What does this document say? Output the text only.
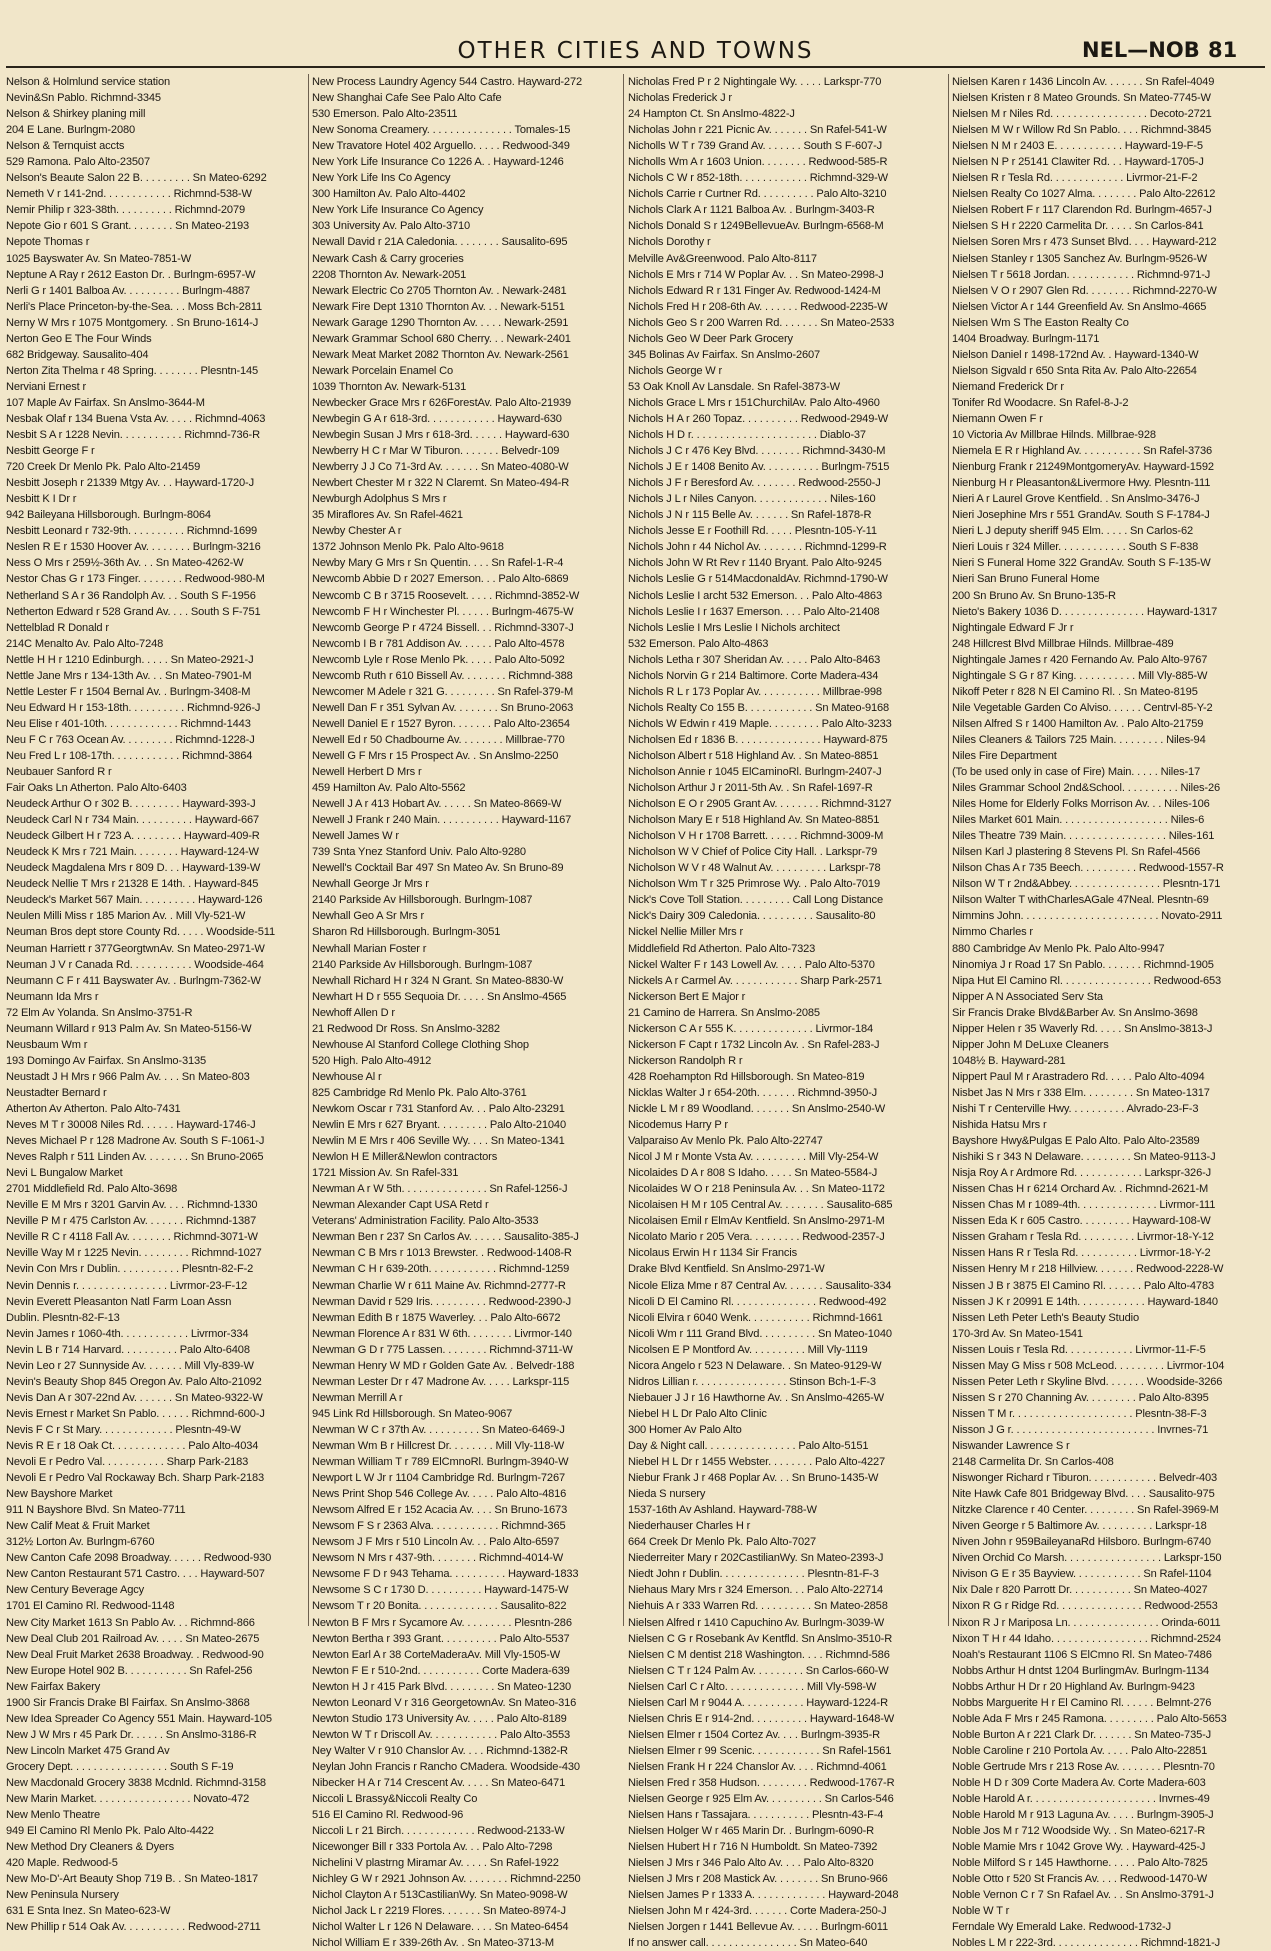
OTHER CITIES AND TOWNS	NEL—NOB 81
Nelson & Holmlund service station
Nevin&Sn Pablo. Richmnd-3345
Nelson & Shirkey planing mill
204 E Lane. Burlngm-2080
Nelson & Ternquist accts
529 Ramona. Palo Alto-23507
Nelson's Beaute Salon 22 B. . . . . . . . . Sn Mateo-6292
Nemeth V r 141-2nd. . . . . . . . . . . . Richmnd-538-W
Nemir Philip r 323-38th. . . . . . . . . . Richmnd-2079
Nepote Gio r 601 S Grant. . . . . . . . Sn Mateo-2193
Nepote Thomas r
1025 Bayswater Av. Sn Mateo-7851-W
Neptune A Ray r 2612 Easton Dr. . Burlngm-6957-W
Nerli G r 1401 Balboa Av. . . . . . . . . . Burlngm-4887
Nerli's Place Princeton-by-the-Sea. . . Moss Bch-2811
Nerny W Mrs r 1075 Montgomery. . Sn Bruno-1614-J
Nerton Geo E The Four Winds
682 Bridgeway. Sausalito-404
Nerton Zita Thelma r 48 Spring. . . . . . . . Plesntn-145
Nerviani Ernest r
107 Maple Av Fairfax. Sn Anslmo-3644-M
Nesbak Olaf r 134 Buena Vsta Av. . . . . Richmnd-4063
Nesbit S A r 1228 Nevin. . . . . . . . . . . Richmnd-736-R
Nesbitt George F r
720 Creek Dr Menlo Pk. Palo Alto-21459
Nesbitt Joseph r 21339 Mtgy Av. . . Hayward-1720-J
Nesbitt K I Dr r
942 Baileyana Hillsborough. Burlngm-8064
Nesbitt Leonard r 732-9th. . . . . . . . . . Richmnd-1699
Neslen R E r 1530 Hoover Av. . . . . . . . Burlngm-3216
Ness O Mrs r 259½-36th Av. . . Sn Mateo-4262-W
Nestor Chas G r 173 Finger. . . . . . . . Redwood-980-M
Netherland S A r 36 Randolph Av. . . South S F-1956
Netherton Edward r 528 Grand Av. . . . South S F-751
Nettelblad R Donald r
214C Menalto Av. Palo Alto-7248
Nettle H H r 1210 Edinburgh. . . . . Sn Mateo-2921-J
Nettle Jane Mrs r 134-13th Av. . . Sn Mateo-7901-M
Nettle Lester F r 1504 Bernal Av. . Burlngm-3408-M
Neu Edward H r 153-18th. . . . . . . . . . Richmnd-926-J
Neu Elise r 401-10th. . . . . . . . . . . . . Richmnd-1443
Neu F C r 763 Ocean Av. . . . . . . . . Richmnd-1228-J
Neu Fred L r 108-17th. . . . . . . . . . . . Richmnd-3864
Neubauer Sanford R r
Fair Oaks Ln Atherton. Palo Alto-6403
Neudeck Arthur O r 302 B. . . . . . . . . Hayward-393-J
Neudeck Carl N r 734 Main. . . . . . . . . . Hayward-667
Neudeck Gilbert H r 723 A. . . . . . . . . Hayward-409-R
Neudeck K Mrs r 721 Main. . . . . . . . Hayward-124-W
Neudeck Magdalena Mrs r 809 D. . . Hayward-139-W
Neudeck Nellie T Mrs r 21328 E 14th. . Hayward-845
Neudeck's Market 567 Main. . . . . . . . . . Hayward-126
Neulen Milli Miss r 185 Marion Av. . Mill Vly-521-W
Neuman Bros dept store County Rd. . . . . Woodside-511
Neuman Harriett r 377GeorgtwnAv. Sn Mateo-2971-W
Neuman J V r Canada Rd. . . . . . . . . . . Woodside-464
Neumann C F r 411 Bayswater Av. . Burlngm-7362-W
Neumann Ida Mrs r
72 Elm Av Yolanda. Sn Anslmo-3751-R
Neumann Willard r 913 Palm Av. Sn Mateo-5156-W
Neusbaum Wm r
193 Domingo Av Fairfax. Sn Anslmo-3135
Neustadt J H Mrs r 966 Palm Av. . . . Sn Mateo-803
Neustadter Bernard r
Atherton Av Atherton. Palo Alto-7431
Neves M T r 30008 Niles Rd. . . . . . Hayward-1746-J
Neves Michael P r 128 Madrone Av. South S F-1061-J
Neves Ralph r 511 Linden Av. . . . . . . . Sn Bruno-2065
Nevi L Bungalow Market
2701 Middlefield Rd. Palo Alto-3698
Neville E M Mrs r 3201 Garvin Av. . . . Richmnd-1330
Neville P M r 475 Carlston Av. . . . . . . Richmnd-1387
Neville R C r 4118 Fall Av. . . . . . . . Richmnd-3071-W
Neville Way M r 1225 Nevin. . . . . . . . . Richmnd-1027
Nevin Con Mrs r Dublin. . . . . . . . . . . Plesntn-82-F-2
Nevin Dennis r. . . . . . . . . . . . . . . . Livrmor-23-F-12
Nevin Everett Pleasanton Natl Farm Loan Assn
Dublin. Plesntn-82-F-13
Nevin James r 1060-4th. . . . . . . . . . . . Livrmor-334
Nevin L B r 714 Harvard. . . . . . . . . . Palo Alto-6408
Nevin Leo r 27 Sunnyside Av. . . . . . . Mill Vly-839-W
Nevin's Beauty Shop 845 Oregon Av. Palo Alto-21092
Nevis Dan A r 307-22nd Av. . . . . . . Sn Mateo-9322-W
Nevis Ernest r Market Sn Pablo. . . . . . Richmnd-600-J
Nevis F C r St Mary. . . . . . . . . . . . . Plesntn-49-W
Nevis R E r 18 Oak Ct. . . . . . . . . . . . . Palo Alto-4034
Nevoli E r Pedro Val. . . . . . . . . . . Sharp Park-2183
Nevoli E r Pedro Val Rockaway Bch. Sharp Park-2183
New Bayshore Market
911 N Bayshore Blvd. Sn Mateo-7711
New Calif Meat & Fruit Market
312½ Lorton Av. Burlngm-6760
New Canton Cafe 2098 Broadway. . . . . . Redwood-930
New Canton Restaurant 571 Castro. . . . Hayward-507
New Century Beverage Agcy
1701 El Camino Rl. Redwood-1148
New City Market 1613 Sn Pablo Av. . . Richmnd-866
New Deal Club 201 Railroad Av. . . . . Sn Mateo-2675
New Deal Fruit Market 2638 Broadway. . Redwood-90
New Europe Hotel 902 B. . . . . . . . . . . Sn Rafel-256
New Fairfax Bakery
1900 Sir Francis Drake Bl Fairfax. Sn Anslmo-3868
New Idea Spreader Co Agency 551 Main. Hayward-105
New J W Mrs r 45 Park Dr. . . . . . Sn Anslmo-3186-R
New Lincoln Market 475 Grand Av
Grocery Dept. . . . . . . . . . . . . . . . . South S F-19
New Macdonald Grocery 3838 Mcdnld. Richmnd-3158
New Marin Market. . . . . . . . . . . . . . . . . Novato-472
New Menlo Theatre
949 El Camino Rl Menlo Pk. Palo Alto-4422
New Method Dry Cleaners & Dyers
420 Maple. Redwood-5
New Mo-D'-Art Beauty Shop 719 B. . Sn Mateo-1817
New Peninsula Nursery
631 E Snta Inez. Sn Mateo-623-W
New Phillip r 514 Oak Av. . . . . . . . . . . Redwood-2711
New Process Laundry Agency 544 Castro. Hayward-272
New Shanghai Cafe See Palo Alto Cafe
530 Emerson. Palo Alto-23511
New Sonoma Creamery. . . . . . . . . . . . . . . Tomales-15
New Travatore Hotel 402 Arguello. . . . . Redwood-349
New York Life Insurance Co 1226 A. . Hayward-1246
New York Life Ins Co Agency
300 Hamilton Av. Palo Alto-4402
New York Life Insurance Co Agency
303 University Av. Palo Alto-3710
Newall David r 21A Caledonia. . . . . . . . Sausalito-695
Newark Cash & Carry groceries
2208 Thornton Av. Newark-2051
Newark Electric Co 2705 Thornton Av. . Newark-2481
Newark Fire Dept 1310 Thornton Av. . . Newark-5151
Newark Garage 1290 Thornton Av. . . . . Newark-2591
Newark Grammar School 680 Cherry. . . Newark-2401
Newark Meat Market 2082 Thornton Av. Newark-2561
Newark Porcelain Enamel Co
1039 Thornton Av. Newark-5131
Newbecker Grace Mrs r 626ForestAv. Palo Alto-21939
Newbegin G A r 618-3rd. . . . . . . . . . . . Hayward-630
Newbegin Susan J Mrs r 618-3rd. . . . . . Hayward-630
Newberry H C r Mar W Tiburon. . . . . . . Belvedr-109
Newberry J J Co 71-3rd Av. . . . . . . Sn Mateo-4080-W
Newbert Chester M r 322 N Claremt. Sn Mateo-494-R
Newburgh Adolphus S Mrs r
35 Miraflores Av. Sn Rafel-4621
Newby Chester A r
1372 Johnson Menlo Pk. Palo Alto-9618
Newby Mary G Mrs r Sn Quentin. . . . Sn Rafel-1-R-4
Newcomb Abbie D r 2027 Emerson. . . Palo Alto-6869
Newcomb C B r 3715 Roosevelt. . . . . Richmnd-3852-W
Newcomb F H r Winchester Pl. . . . . . Burlngm-4675-W
Newcomb George P r 4724 Bissell. . . Richmnd-3307-J
Newcomb I B r 781 Addison Av. . . . . . Palo Alto-4578
Newcomb Lyle r Rose Menlo Pk. . . . . Palo Alto-5092
Newcomb Ruth r 610 Bissell Av. . . . . . . . Richmnd-388
Newcomer M Adele r 321 G. . . . . . . . . Sn Rafel-379-M
Newell Dan F r 351 Sylvan Av. . . . . . . . Sn Bruno-2063
Newell Daniel E r 1527 Byron. . . . . . . Palo Alto-23654
Newell Ed r 50 Chadbourne Av. . . . . . . . Millbrae-770
Newell G F Mrs r 15 Prospect Av. . Sn Anslmo-2250
Newell Herbert D Mrs r
459 Hamilton Av. Palo Alto-5562
Newell J A r 413 Hobart Av. . . . . . Sn Mateo-8669-W
Newell J Frank r 240 Main. . . . . . . . . . . Hayward-1167
Newell James W r
739 Snta Ynez Stanford Univ. Palo Alto-9280
Newell's Cocktail Bar 497 Sn Mateo Av. Sn Bruno-89
Newhall George Jr Mrs r
2140 Parkside Av Hillsborough. Burlngm-1087
Newhall Geo A Sr Mrs r
Sharon Rd Hillsborough. Burlngm-3051
Newhall Marian Foster r
2140 Parkside Av Hillsborough. Burlngm-1087
Newhall Richard H r 324 N Grant. Sn Mateo-8830-W
Newhart H D r 555 Sequoia Dr. . . . . Sn Anslmo-4565
Newhoff Allen D r
21 Redwood Dr Ross. Sn Anslmo-3282
Newhouse Al Stanford College Clothing Shop
520 High. Palo Alto-4912
Newhouse Al r
825 Cambridge Rd Menlo Pk. Palo Alto-3761
Newkom Oscar r 731 Stanford Av. . . Palo Alto-23291
Newlin E Mrs r 627 Bryant. . . . . . . . . Palo Alto-21040
Newlin M E Mrs r 406 Seville Wy. . . . Sn Mateo-1341
Newlon H E Miller&Newlon contractors
1721 Mission Av. Sn Rafel-331
Newman A r W 5th. . . . . . . . . . . . . . . Sn Rafel-1256-J
Newman Alexander Capt USA Retd r
Veterans' Administration Facility. Palo Alto-3533
Newman Ben r 237 Sn Carlos Av. . . . . . Sausalito-385-J
Newman C B Mrs r 1013 Brewster. . Redwood-1408-R
Newman C H r 639-20th. . . . . . . . . . . . Richmnd-1259
Newman Charlie W r 611 Maine Av. Richmnd-2777-R
Newman David r 529 Iris. . . . . . . . . . Redwood-2390-J
Newman Edith B r 1875 Waverley. . . Palo Alto-6672
Newman Florence A r 831 W 6th. . . . . . . . Livrmor-140
Newman G D r 775 Lassen. . . . . . . . Richmnd-3711-W
Newman Henry W MD r Golden Gate Av. . Belvedr-188
Newman Lester Dr r 47 Madrone Av. . . . . Larkspr-115
Newman Merrill A r
945 Link Rd Hillsborough. Sn Mateo-9067
Newman W C r 37th Av. . . . . . . . . . Sn Mateo-6469-J
Newman Wm B r Hillcrest Dr. . . . . . . . Mill Vly-118-W
Newman William T r 789 ElCmnoRl. Burlngm-3940-W
Newport L W Jr r 1104 Cambridge Rd. Burlngm-7267
News Print Shop 546 College Av. . . . . Palo Alto-4816
Newsom Alfred E r 152 Acacia Av. . . . Sn Bruno-1673
Newsom F S r 2363 Alva. . . . . . . . . . . . Richmnd-365
Newsom J F Mrs r 510 Lincoln Av. . . Palo Alto-6597
Newsom N Mrs r 437-9th. . . . . . . . Richmnd-4014-W
Newsome F D r 943 Tehama. . . . . . . . . . Hayward-1833
Newsome S C r 1730 D. . . . . . . . . . Hayward-1475-W
Newsom T r 20 Bonita. . . . . . . . . . . . . . Sausalito-822
Newton B F Mrs r Sycamore Av. . . . . . . . . Plesntn-286
Newton Bertha r 393 Grant. . . . . . . . . . Palo Alto-5537
Newton Earl A r 38 CorteMaderaAv. Mill Vly-1505-W
Newton F E r 510-2nd. . . . . . . . . . . Corte Madera-639
Newton H J r 415 Park Blvd. . . . . . . . . Sn Mateo-1230
Newton Leonard V r 316 GeorgetownAv. Sn Mateo-316
Newton Studio 173 University Av. . . . . Palo Alto-8189
Newton W T r Driscoll Av. . . . . . . . . . . . Palo Alto-3553
Ney Walter V r 910 Chanslor Av. . . . Richmnd-1382-R
Neylan John Francis r Rancho CMadera. Woodside-430
Nibecker H A r 714 Crescent Av. . . . . Sn Mateo-6471
Niccoli L Brassy&Niccoli Realty Co
516 El Camino Rl. Redwood-96
Niccoli L r 21 Birch. . . . . . . . . . . . . Redwood-2133-W
Nicewonger Bill r 333 Portola Av. . . Palo Alto-7298
Nichelini V plastrng Miramar Av. . . . . Sn Rafel-1922
Nichley G W r 2921 Johnson Av. . . . . . . . Richmnd-2250
Nichol Clayton A r 513CastilianWy. Sn Mateo-9098-W
Nichol Jack L r 2219 Flores. . . . . . . Sn Mateo-8974-J
Nichol Walter L r 126 N Delaware. . . . Sn Mateo-6454
Nichol William E r 339-26th Av. . Sn Mateo-3713-M
Nicholas Fred P r 2 Nightingale Wy. . . . . Larkspr-770
Nicholas Frederick J r
24 Hampton Ct. Sn Anslmo-4822-J
Nicholas John r 221 Picnic Av. . . . . . . Sn Rafel-541-W
Nicholls W T r 739 Grand Av. . . . . . . South S F-607-J
Nicholls Wm A r 1603 Union. . . . . . . . Redwood-585-R
Nichols C W r 852-18th. . . . . . . . . . . . Richmnd-329-W
Nichols Carrie r Curtner Rd. . . . . . . . . . Palo Alto-3210
Nichols Clark A r 1121 Balboa Av. . Burlngm-3403-R
Nichols Donald S r 1249BellevueAv. Burlngm-6568-M
Nichols Dorothy r
Melville Av&Greenwood. Palo Alto-8117
Nichols E Mrs r 714 W Poplar Av. . . Sn Mateo-2998-J
Nichols Edward R r 131 Finger Av. Redwood-1424-M
Nichols Fred H r 208-6th Av. . . . . . . Redwood-2235-W
Nichols Geo S r 200 Warren Rd. . . . . . . Sn Mateo-2533
Nichols Geo W Deer Park Grocery
345 Bolinas Av Fairfax. Sn Anslmo-2607
Nichols George W r
53 Oak Knoll Av Lansdale. Sn Rafel-3873-W
Nichols Grace L Mrs r 151ChurchilAv. Palo Alto-4960
Nichols H A r 260 Topaz. . . . . . . . . . Redwood-2949-W
Nichols H D r. . . . . . . . . . . . . . . . . . . . . . Diablo-37
Nichols J C r 476 Key Blvd. . . . . . . . Richmnd-3430-M
Nichols J E r 1408 Benito Av. . . . . . . . . . Burlngm-7515
Nichols J F r Beresford Av. . . . . . . . Redwood-2550-J
Nichols J L r Niles Canyon. . . . . . . . . . . . . Niles-160
Nichols J N r 115 Belle Av. . . . . . . Sn Rafel-1878-R
Nichols Jesse E r Foothill Rd. . . . . Plesntn-105-Y-11
Nichols John r 44 Nichol Av. . . . . . . . Richmnd-1299-R
Nichols John W Rt Rev r 1140 Bryant. Palo Alto-9245
Nichols Leslie G r 514MacdonaldAv. Richmnd-1790-W
Nichols Leslie I archt 532 Emerson. . . Palo Alto-4863
Nichols Leslie I r 1637 Emerson. . . . Palo Alto-21408
Nichols Leslie I Mrs Leslie I Nichols architect
532 Emerson. Palo Alto-4863
Nichols Letha r 307 Sheridan Av. . . . . Palo Alto-8463
Nichols Norvin G r 214 Baltimore. Corte Madera-434
Nichols R L r 173 Poplar Av. . . . . . . . . . . Millbrae-998
Nichols Realty Co 155 B. . . . . . . . . . . . Sn Mateo-9168
Nichols W Edwin r 419 Maple. . . . . . . . . Palo Alto-3233
Nicholsen Ed r 1836 B. . . . . . . . . . . . . . . Hayward-875
Nicholson Albert r 518 Highland Av. . Sn Mateo-8851
Nicholson Annie r 1045 ElCaminoRl. Burlngm-2407-J
Nicholson Arthur J r 2011-5th Av. . Sn Rafel-1697-R
Nicholson E O r 2905 Grant Av. . . . . . . . Richmnd-3127
Nicholson Mary E r 518 Highland Av. Sn Mateo-8851
Nicholson V H r 1708 Barrett. . . . . . Richmnd-3009-M
Nicholson W V Chief of Police City Hall. . Larkspr-79
Nicholson W V r 48 Walnut Av. . . . . . . . . . Larkspr-78
Nicholson Wm T r 325 Primrose Wy. . Palo Alto-7019
Nick's Cove Toll Station. . . . . . . . . Call Long Distance
Nick's Dairy 309 Caledonia. . . . . . . . . . Sausalito-80
Nickel Nellie Miller Mrs r
Middlefield Rd Atherton. Palo Alto-7323
Nickel Walter F r 143 Lowell Av. . . . . Palo Alto-5370
Nickels A r Carmel Av. . . . . . . . . . . . Sharp Park-2571
Nickerson Bert E Major r
21 Camino de Harrera. Sn Anslmo-2085
Nickerson C A r 555 K. . . . . . . . . . . . . . Livrmor-184
Nickerson F Capt r 1732 Lincoln Av. . Sn Rafel-283-J
Nickerson Randolph R r
428 Roehampton Rd Hillsborough. Sn Mateo-819
Nicklas Walter J r 654-20th. . . . . . . Richmnd-3950-J
Nickle L M r 89 Woodland. . . . . . . Sn Anslmo-2540-W
Nicodemus Harry P r
Valparaiso Av Menlo Pk. Palo Alto-22747
Nicol J M r Monte Vsta Av. . . . . . . . . . Mill Vly-254-W
Nicolaides D A r 808 S Idaho. . . . . Sn Mateo-5584-J
Nicolaides W O r 218 Peninsula Av. . . Sn Mateo-1172
Nicolaisen H M r 105 Central Av. . . . . . . . Sausalito-685
Nicolaisen Emil r ElmAv Kentfield. Sn Anslmo-2971-M
Nicolato Mario r 205 Vera. . . . . . . . . Redwood-2357-J
Nicolaus Erwin H r 1134 Sir Francis
Drake Blvd Kentfield. Sn Anslmo-2971-W
Nicole Eliza Mme r 87 Central Av. . . . . . . Sausalito-334
Nicoli D El Camino Rl. . . . . . . . . . . . . . . Redwood-492
Nicoli Elvira r 6040 Wenk. . . . . . . . . . . Richmnd-1661
Nicoli Wm r 111 Grand Blvd. . . . . . . . . . Sn Mateo-1040
Nicolsen E P Montford Av. . . . . . . . . . Mill Vly-1119
Nicora Angelo r 523 N Delaware. . Sn Mateo-9129-W
Nidros Lillian r. . . . . . . . . . . . . . . . Stinson Bch-1-F-3
Niebauer J J r 16 Hawthorne Av. . Sn Anslmo-4265-W
Niebel H L Dr Palo Alto Clinic
300 Homer Av Palo Alto
Day & Night call. . . . . . . . . . . . . . . . Palo Alto-5151
Niebel H L Dr r 1455 Webster. . . . . . . . Palo Alto-4227
Niebur Frank J r 468 Poplar Av. . . Sn Bruno-1435-W
Nieda S nursery
1537-16th Av Ashland. Hayward-788-W
Niederhauser Charles H r
664 Creek Dr Menlo Pk. Palo Alto-7027
Niederreiter Mary r 202CastilianWy. Sn Mateo-2393-J
Niedt John r Dublin. . . . . . . . . . . . . . . Plesntn-81-F-3
Niehaus Mary Mrs r 324 Emerson. . . Palo Alto-22714
Niehuis A r 333 Warren Rd. . . . . . . . . . Sn Mateo-2858
Nielsen Alfred r 1410 Capuchino Av. Burlngm-3039-W
Nielsen C G r Rosebank Av Kentfld. Sn Anslmo-3510-R
Nielsen C M dentist 218 Washington. . . . Richmnd-586
Nielsen C T r 124 Palm Av. . . . . . . . . Sn Carlos-660-W
Nielsen Carl C r Alto. . . . . . . . . . . . . . Mill Vly-598-W
Nielsen Carl M r 9044 A. . . . . . . . . . . Hayward-1224-R
Nielsen Chris E r 914-2nd. . . . . . . . . . Hayward-1648-W
Nielsen Elmer r 1504 Cortez Av. . . . Burlngm-3935-R
Nielsen Elmer r 99 Scenic. . . . . . . . . . . . Sn Rafel-1561
Nielsen Frank H r 224 Chanslor Av. . . . Richmnd-4061
Nielsen Fred r 358 Hudson. . . . . . . . . Redwood-1767-R
Nielsen George r 925 Elm Av. . . . . . . . . . Sn Carlos-546
Nielsen Hans r Tassajara. . . . . . . . . . . Plesntn-43-F-4
Nielsen Holger W r 465 Marin Dr. . Burlngm-6090-R
Nielsen Hubert H r 716 N Humboldt. Sn Mateo-7392
Nielsen J Mrs r 346 Palo Alto Av. . . . Palo Alto-8320
Nielsen J Mrs r 208 Mastick Av. . . . . . . . Sn Bruno-966
Nielsen James P r 1333 A. . . . . . . . . . . . . Hayward-2048
Nielsen John M r 424-3rd. . . . . . . Corte Madera-250-J
Nielsen Jorgen r 1441 Bellevue Av. . . . . Burlngm-6011
If no answer call. . . . . . . . . . . . . . . . Sn Mateo-640
Nielsen Karen r 1436 Lincoln Av. . . . . . . Sn Rafel-4049
Nielsen Kristen r 8 Mateo Grounds. Sn Mateo-7745-W
Nielsen M r Niles Rd. . . . . . . . . . . . . . . . . Decoto-2721
Nielsen M W r Willow Rd Sn Pablo. . . . Richmnd-3845
Nielsen N M r 2403 E. . . . . . . . . . . . Hayward-19-F-5
Nielsen N P r 25141 Clawiter Rd. . . Hayward-1705-J
Nielsen R r Tesla Rd. . . . . . . . . . . . . Livrmor-21-F-2
Nielsen Realty Co 1027 Alma. . . . . . . . Palo Alto-22612
Nielsen Robert F r 117 Clarendon Rd. Burlngm-4657-J
Nielsen S H r 2220 Carmelita Dr. . . . . Sn Carlos-841
Nielsen Soren Mrs r 473 Sunset Blvd. . . . Hayward-212
Nielsen Stanley r 1305 Sanchez Av. Burlngm-9526-W
Nielsen T r 5618 Jordan. . . . . . . . . . . . Richmnd-971-J
Nielsen V O r 2907 Glen Rd. . . . . . . . Richmnd-2270-W
Nielsen Victor A r 144 Greenfield Av. Sn Anslmo-4665
Nielsen Wm S The Easton Realty Co
1404 Broadway. Burlngm-1171
Nielson Daniel r 1498-172nd Av. . Hayward-1340-W
Nielson Sigvald r 650 Snta Rita Av. Palo Alto-22654
Niemand Frederick Dr r
Tonifer Rd Woodacre. Sn Rafel-8-J-2
Niemann Owen F r
10 Victoria Av Millbrae Hilnds. Millbrae-928
Niemela E R r Highland Av. . . . . . . . . . . Sn Rafel-3736
Nienburg Frank r 21249MontgomeryAv. Hayward-1592
Nienburg H r Pleasanton&Livermore Hwy. Plesntn-111
Nieri A r Laurel Grove Kentfield. . Sn Anslmo-3476-J
Nieri Josephine Mrs r 551 GrandAv. South S F-1784-J
Nieri L J deputy sheriff 945 Elm. . . . . Sn Carlos-62
Nieri Louis r 324 Miller. . . . . . . . . . . . South S F-838
Nieri S Funeral Home 322 GrandAv. South S F-135-W
Nieri San Bruno Funeral Home
200 Sn Bruno Av. Sn Bruno-135-R
Nieto's Bakery 1036 D. . . . . . . . . . . . . . . Hayward-1317
Nightingale Edward F Jr r
248 Hillcrest Blvd Millbrae Hilnds. Millbrae-489
Nightingale James r 420 Fernando Av. Palo Alto-9767
Nightingale S G r 87 King. . . . . . . . . . . Mill Vly-885-W
Nikoff Peter r 828 N El Camino Rl. . Sn Mateo-8195
Nile Vegetable Garden Co Alviso. . . . . . Centrvl-85-Y-2
Nilsen Alfred S r 1400 Hamilton Av. . Palo Alto-21759
Niles Cleaners & Tailors 725 Main. . . . . . . . . Niles-94
Niles Fire Department
(To be used only in case of Fire) Main. . . . . Niles-17
Niles Grammar School 2nd&School. . . . . . . . . . Niles-26
Niles Home for Elderly Folks Morrison Av. . . Niles-106
Niles Market 601 Main. . . . . . . . . . . . . . . . . . . Niles-6
Niles Theatre 739 Main. . . . . . . . . . . . . . . . . . Niles-161
Nilsen Karl J plastering 8 Stevens Pl. Sn Rafel-4566
Nilson Chas A r 735 Beech. . . . . . . . . . Redwood-1557-R
Nilson W T r 2nd&Abbey. . . . . . . . . . . . . . . . Plesntn-171
Nilson Walter T withCharlesAGale 47Neal. Plesntn-69
Nimmins John. . . . . . . . . . . . . . . . . . . . . . . . Novato-2911
Nimmo Charles r
880 Cambridge Av Menlo Pk. Palo Alto-9947
Ninomiya J r Road 17 Sn Pablo. . . . . . . Richmnd-1905
Nipa Hut El Camino Rl. . . . . . . . . . . . . . . . Redwood-653
Nipper A N Associated Serv Sta
Sir Francis Drake Blvd&Barber Av. Sn Anslmo-3698
Nipper Helen r 35 Waverly Rd. . . . . Sn Anslmo-3813-J
Nipper John M DeLuxe Cleaners
1048½ B. Hayward-281
Nippert Paul M r Arastradero Rd. . . . . Palo Alto-4094
Nisbet Jas N Mrs r 338 Elm. . . . . . . . . Sn Mateo-1317
Nishi T r Centerville Hwy. . . . . . . . . . Alvrado-23-F-3
Nishida Hatsu Mrs r
Bayshore Hwy&Pulgas E Palo Alto. Palo Alto-23589
Nishiki S r 343 N Delaware. . . . . . . . . Sn Mateo-9113-J
Nisja Roy A r Ardmore Rd. . . . . . . . . . . . Larkspr-326-J
Nissen Chas H r 6214 Orchard Av. . Richmnd-2621-M
Nissen Chas M r 1089-4th. . . . . . . . . . . . . . Livrmor-111
Nissen Eda K r 605 Castro. . . . . . . . . Hayward-108-W
Nissen Graham r Tesla Rd. . . . . . . . . . Livrmor-18-Y-12
Nissen Hans R r Tesla Rd. . . . . . . . . . . Livrmor-18-Y-2
Nissen Henry M r 218 Hillview. . . . . . . Redwood-2228-W
Nissen J B r 3875 El Camino Rl. . . . . . . Palo Alto-4783
Nissen J K r 20991 E 14th. . . . . . . . . . . . Hayward-1840
Nissen Leth Peter Leth's Beauty Studio
170-3rd Av. Sn Mateo-1541
Nissen Louis r Tesla Rd. . . . . . . . . . . . Livrmor-11-F-5
Nissen May G Miss r 508 McLeod. . . . . . . . . Livrmor-104
Nissen Peter Leth r Skyline Blvd. . . . . . . Woodside-3266
Nissen S r 270 Channing Av. . . . . . . . . Palo Alto-8395
Nissen T M r. . . . . . . . . . . . . . . . . . . . . Plesntn-38-F-3
Nisson J G r. . . . . . . . . . . . . . . . . . . . . . . . . Invrnes-71
Niswander Lawrence S r
2148 Carmelita Dr. Sn Carlos-408
Niswonger Richard r Tiburon. . . . . . . . . . . . Belvedr-403
Nite Hawk Cafe 801 Bridgeway Blvd. . . . Sausalito-975
Nitzke Clarence r 40 Center. . . . . . . . . Sn Rafel-3969-M
Niven George r 5 Baltimore Av. . . . . . . . . . Larkspr-18
Niven John r 959BaileyanaRd Hilsboro. Burlngm-6740
Niven Orchid Co Marsh. . . . . . . . . . . . . . . . . Larkspr-150
Nivison G E r 35 Bayview. . . . . . . . . . . . Sn Rafel-1104
Nix Dale r 820 Parrott Dr. . . . . . . . . . . Sn Mateo-4027
Nixon R G r Ridge Rd. . . . . . . . . . . . . . . Redwood-2553
Nixon R J r Mariposa Ln. . . . . . . . . . . . . . . . Orinda-6011
Nixon T H r 44 Idaho. . . . . . . . . . . . . . . . . Richmnd-2524
Noah's Restaurant 1106 S ElCmno Rl. Sn Mateo-7486
Nobbs Arthur H dntst 1204 BurlingmAv. Burlngm-1134
Nobbs Arthur H Dr r 20 Highland Av. Burlngm-9423
Nobbs Marguerite H r El Camino Rl. . . . . . Belmnt-276
Noble Ada F Mrs r 245 Ramona. . . . . . . . . Palo Alto-5653
Noble Burton A r 221 Clark Dr. . . . . . . Sn Mateo-735-J
Noble Caroline r 210 Portola Av. . . . . Palo Alto-22851
Noble Gertrude Mrs r 213 Rose Av. . . . . . . . Plesntn-70
Noble H D r 309 Corte Madera Av. Corte Madera-603
Noble Harold A r. . . . . . . . . . . . . . . . . . . . . . Invrnes-49
Noble Harold M r 913 Laguna Av. . . . . Burlngm-3905-J
Noble Jos M r 712 Woodside Wy. . Sn Mateo-6217-R
Noble Mamie Mrs r 1042 Grove Wy. . Hayward-425-J
Noble Milford S r 145 Hawthorne. . . . . Palo Alto-7825
Noble Otto r 520 St Francis Av. . . . Redwood-1470-W
Noble Vernon C r 7 Sn Rafael Av. . . Sn Anslmo-3791-J
Noble W T r
Ferndale Wy Emerald Lake. Redwood-1732-J
Nobles L M r 222-3rd. . . . . . . . . . . . . . . Richmnd-1821-J
